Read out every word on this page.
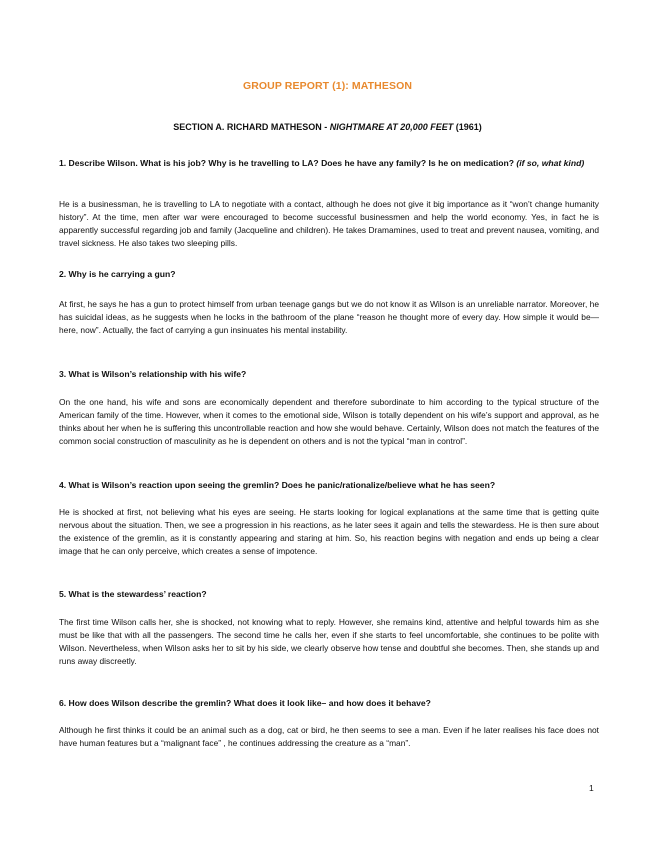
GROUP REPORT (1): MATHESON
SECTION A. RICHARD MATHESON - NIGHTMARE AT 20,000 FEET (1961)
1. Describe Wilson. What is his job? Why is he travelling to LA? Does he have any family? Is he on medication? (if so, what kind)
He is a businessman, he is travelling to LA to negotiate with a contact, although he does not give it big importance as it “won’t change humanity history”. At the time, men after war were encouraged to become successful businessmen and help the world economy. Yes, in fact he is apparently successful regarding job and family (Jacqueline and children). He takes Dramamines, used to treat and prevent nausea, vomiting, and travel sickness. He also takes two sleeping pills.
2. Why is he carrying a gun?
At first, he says he has a gun to protect himself from urban teenage gangs but we do not know it as Wilson is an unreliable narrator. Moreover, he has suicidal ideas, as he suggests when he locks in the bathroom of the plane “reason he thought more of every day. How simple it would be—here, now”. Actually, the fact of carrying a gun insinuates his mental instability.
3. What is Wilson’s relationship with his wife?
On the one hand, his wife and sons are economically dependent and therefore subordinate to him according to the typical structure of the American family of the time. However, when it comes to the emotional side, Wilson is totally dependent on his wife’s support and approval, as he thinks about her when he is suffering this uncontrollable reaction and how she would behave. Certainly, Wilson does not match the features of the common social construction of masculinity as he is dependent on others and is not the typical “man in control”.
4. What is Wilson’s reaction upon seeing the gremlin? Does he panic/rationalize/believe what he has seen?
He is shocked at first, not believing what his eyes are seeing. He starts looking for logical explanations at the same time that is getting quite nervous about the situation. Then, we see a progression in his reactions, as he later sees it again and tells the stewardess. He is then sure about the existence of the gremlin, as it is constantly appearing and staring at him. So, his reaction begins with negation and ends up being a clear image that he can only perceive, which creates a sense of impotence.
5. What is the stewardess’ reaction?
The first time Wilson calls her, she is shocked, not knowing what to reply. However, she remains kind, attentive and helpful towards him as she must be like that with all the passengers. The second time he calls her, even if she starts to feel uncomfortable, she continues to be polite with Wilson. Nevertheless, when Wilson asks her to sit by his side, we clearly observe how tense and doubtful she becomes. Then, she stands up and runs away discreetly.
6. How does Wilson describe the gremlin? What does it look like– and how does it behave?
Although he first thinks it could be an animal such as a dog, cat or bird, he then seems to see a man. Even if he later realises his face does not have human features but a “malignant face” , he continues addressing the creature as a “man”.
1
